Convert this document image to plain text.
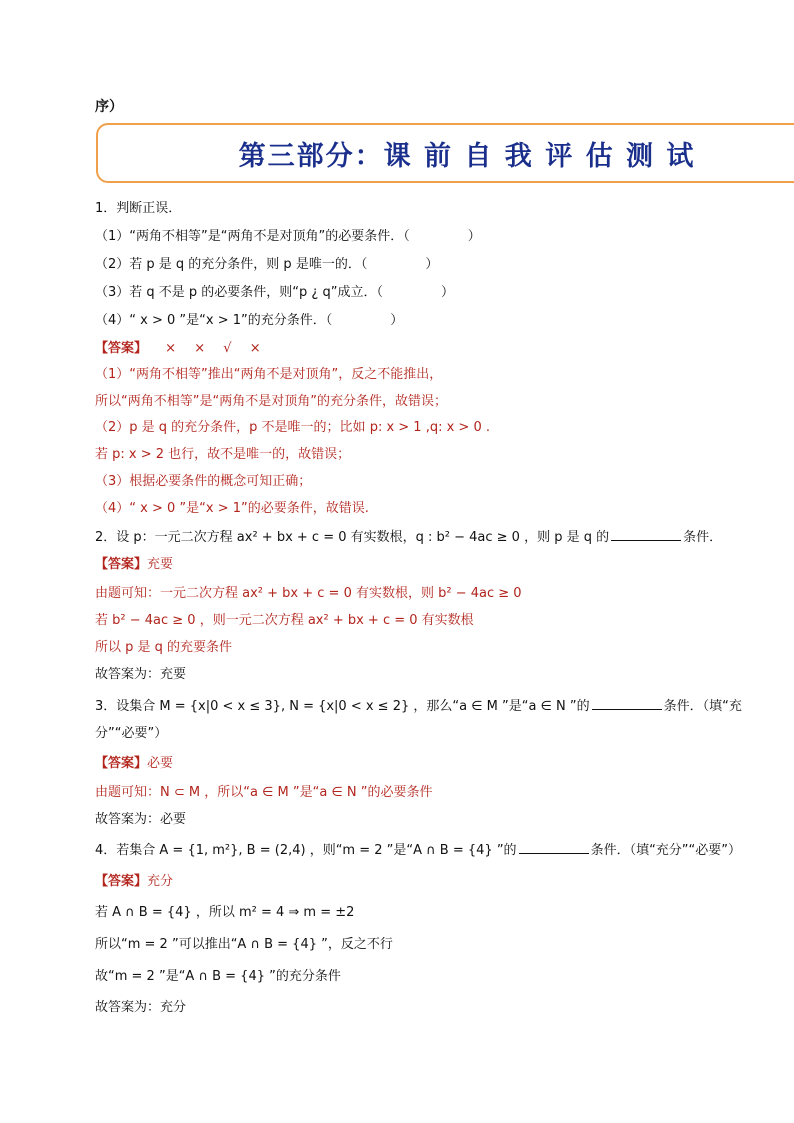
序）
第三部分：课 前 自 我 评 估 测 试
1．判断正误．
（1）“两角不相等”是“两角不是对顶角”的必要条件．（	）
（2）若 p 是 q 的充分条件，则 p 是唯一的．（	）
（3）若 q 不是 p 的必要条件，则“p ¿ q”成立．（	）
（4）“ x > 0 ”是“x > 1”的充分条件．（	）
【答案】 × × √ ×
（1）“两角不相等”推出“两角不是对顶角”，反之不能推出，
所以“两角不相等”是“两角不是对顶角”的充分条件，故错误；
（2）p 是 q 的充分条件，p 不是唯一的；比如 p: x > 1 ,q: x > 0 .
若 p: x > 2 也行，故不是唯一的，故错误；
（3）根据必要条件的概念可知正确；
（4）“ x > 0 ”是“x > 1”的必要条件，故错误.
2．设 p：一元二次方程 ax² + bx + c = 0 有实数根，q : b² − 4ac ≥ 0 ，则 p 是 q 的	条件．
【答案】充要
由题可知：一元二次方程 ax² + bx + c = 0 有实数根，则 b² − 4ac ≥ 0
若 b² − 4ac ≥ 0 ，则一元二次方程 ax² + bx + c = 0 有实数根
所以 p 是 q 的充要条件
故答案为：充要
3．设集合 M = {x|0 < x ≤ 3}, N = {x|0 < x ≤ 2} ，那么“a ∈ M ”是“a ∈ N ”的	条件．（填“充
分”“必要”）
【答案】必要
由题可知：N ⊂ M ，所以“a ∈ M ”是“a ∈ N ”的必要条件
故答案为：必要
4．若集合 A = {1, m²}, B = (2,4) ，则“m = 2 ”是“A ∩ B = {4} ”的	条件．（填“充分”“必要”）
【答案】充分
若 A ∩ B = {4} ，所以 m² = 4 ⇒ m = ±2
所以“m = 2 ”可以推出“A ∩ B = {4} ”，反之不行
故“m = 2 ”是“A ∩ B = {4} ”的充分条件
故答案为：充分
